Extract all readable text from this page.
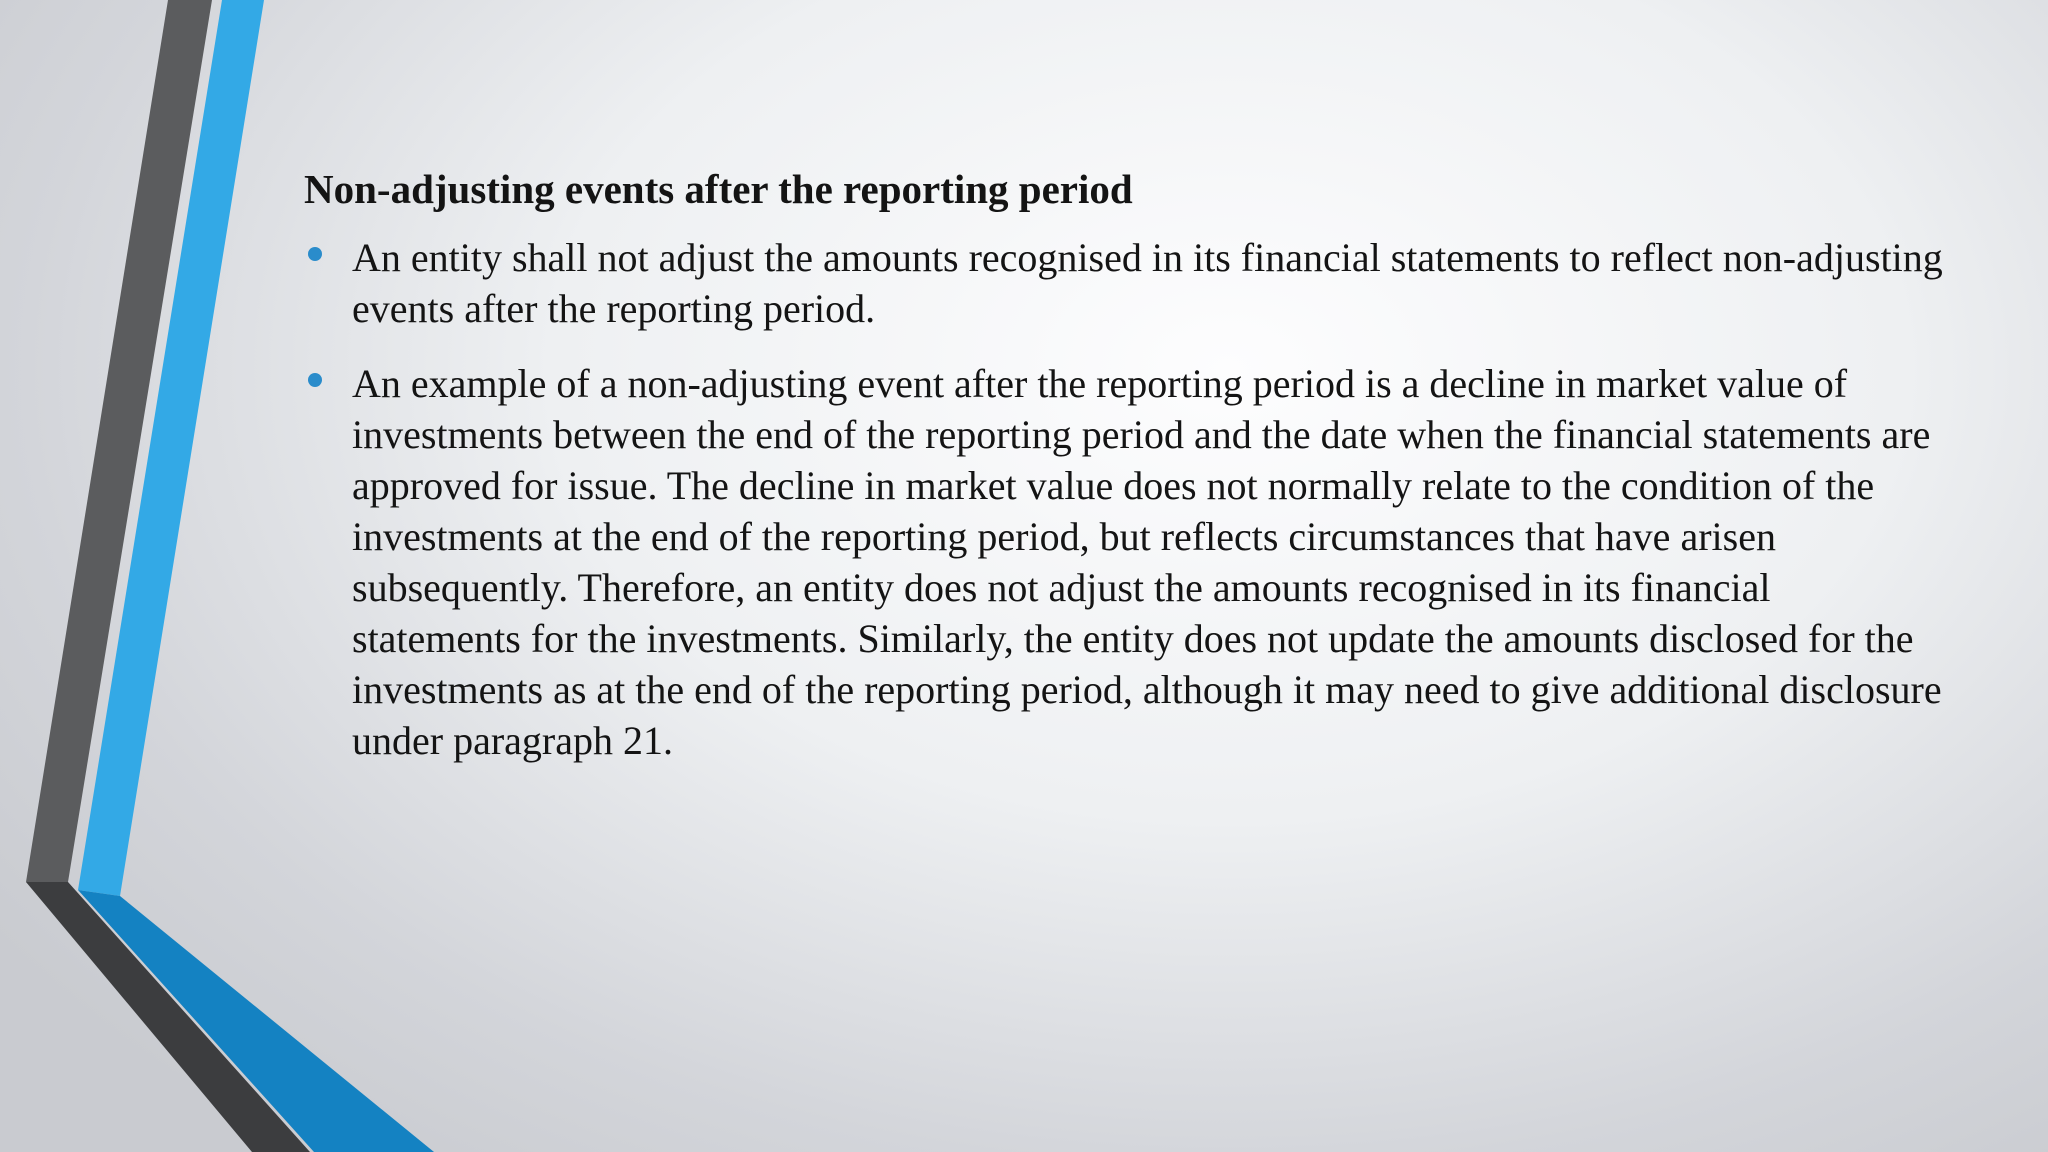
Non-adjusting events after the reporting period
An entity shall not adjust the amounts recognised in its financial statements to reflect non-adjusting events after the reporting period.
An example of a non-adjusting event after the reporting period is a decline in market value of investments between the end of the reporting period and the date when the financial statements are approved for issue. The decline in market value does not normally relate to the condition of the investments at the end of the reporting period, but reflects circumstances that have arisen subsequently. Therefore, an entity does not adjust the amounts recognised in its financial statements for the investments. Similarly, the entity does not update the amounts disclosed for the investments as at the end of the reporting period, although it may need to give additional disclosure under paragraph 21.
